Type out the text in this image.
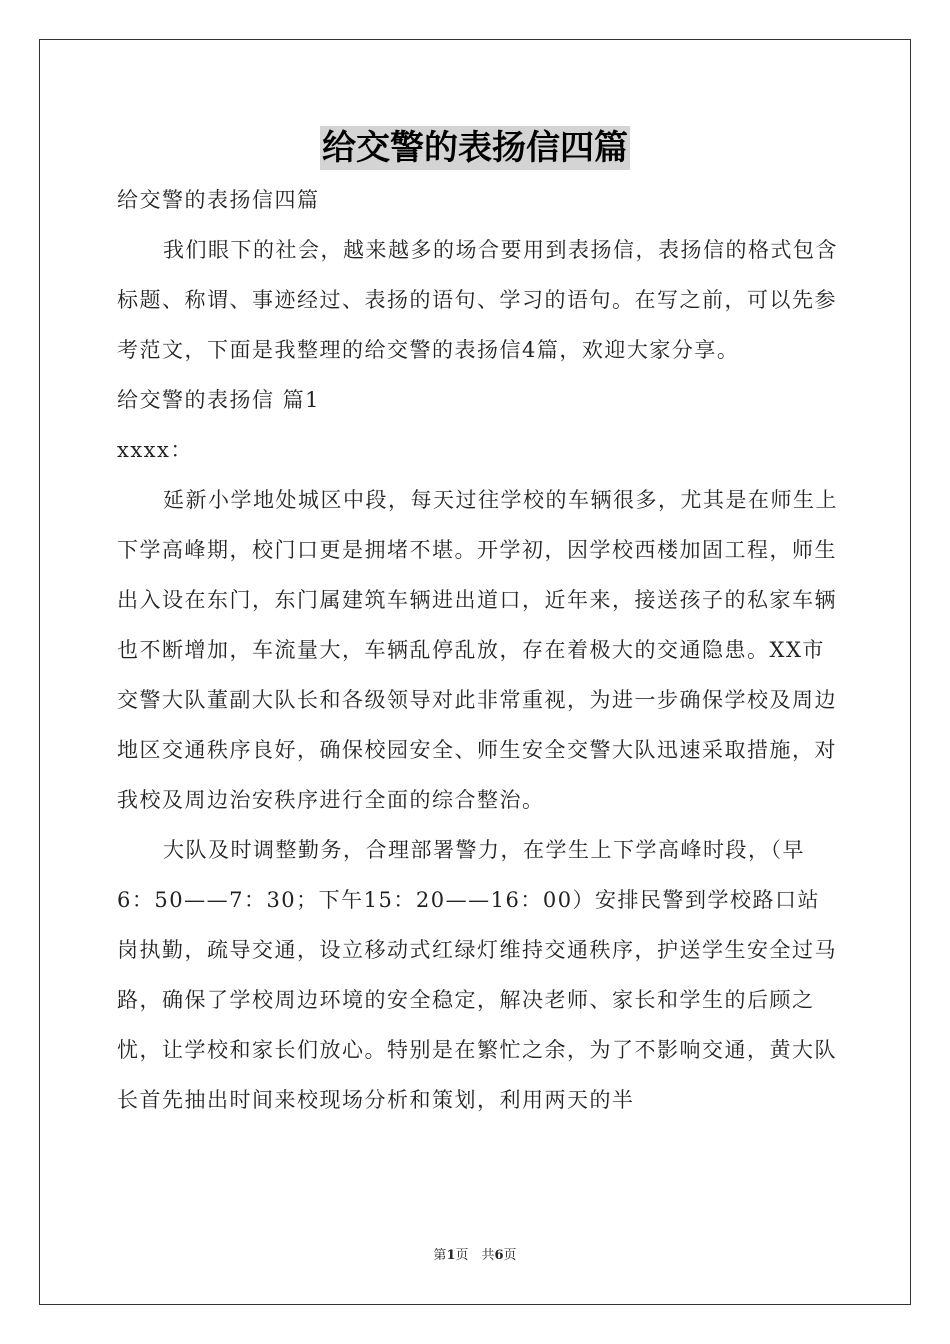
给交警的表扬信四篇
给交警的表扬信四篇
我们眼下的社会，越来越多的场合要用到表扬信，表扬信的格式包含标题、称谓、事迹经过、表扬的语句、学习的语句。在写之前，可以先参考范文，下面是我整理的给交警的表扬信4篇，欢迎大家分享。
给交警的表扬信 篇1
xxxx：
延新小学地处城区中段，每天过往学校的车辆很多，尤其是在师生上下学高峰期，校门口更是拥堵不堪。开学初，因学校西楼加固工程，师生出入设在东门，东门属建筑车辆进出道口，近年来，接送孩子的私家车辆也不断增加，车流量大，车辆乱停乱放，存在着极大的交通隐患。XX市交警大队董副大队长和各级领导对此非常重视，为进一步确保学校及周边地区交通秩序良好，确保校园安全、师生安全交警大队迅速采取措施，对我校及周边治安秩序进行全面的综合整治。
大队及时调整勤务，合理部署警力，在学生上下学高峰时段，（早6：50——7：30；下午15：20——16：00）安排民警到学校路口站岗执勤，疏导交通，设立移动式红绿灯维持交通秩序，护送学生安全过马路，确保了学校周边环境的安全稳定，解决老师、家长和学生的后顾之忧，让学校和家长们放心。特别是在繁忙之余，为了不影响交通，黄大队长首先抽出时间来校现场分析和策划，利用两天的半
第1页　共6页
